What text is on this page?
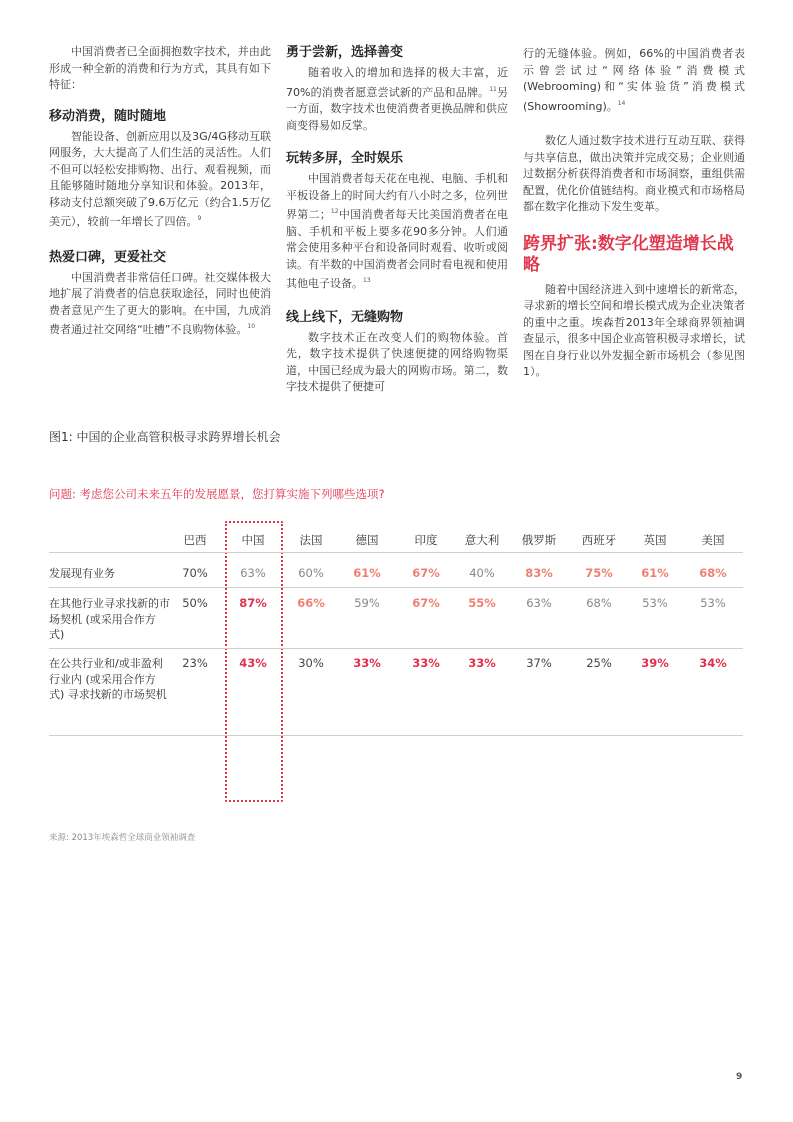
中国消费者已全面拥抱数字技术，并由此形成一种全新的消费和行为方式，其具有如下特征：

移动消费，随时随地

智能设备、创新应用以及3G/4G移动互联网服务，大大提高了人们生活的灵活性。人们不但可以轻松安排购物、出行、观看视频，而且能够随时随地分享知识和体验。2013年，移动支付总额突破了9.6万亿元（约合1.5万亿美元），较前一年增长了四倍。$^9$

热爱口碑，更爱社交

中国消费者非常信任口碑。社交媒体极大地扩展了消费者的信息获取途径，同时也使消费者意见产生了更大的影响。在中国，九成消费者通过社交网络“吐槽”不良购物体验。$^{10}$

勇于尝新，选择善变

随着收入的增加和选择的极大丰富，近70%的消费者愿意尝试新的产品和品牌。$^{11}$另一方面，数字技术也使消费者更换品牌和供应商变得易如反掌。

玩转多屏，全时娱乐

中国消费者每天花在电视、电脑、手机和平板设备上的时间大约有八小时之多，位列世界第二；$^{12}$中国消费者每天比美国消费者在电脑、手机和平板上要多花90多分钟。人们通常会使用多种平台和设备同时观看、收听或阅读。有半数的中国消费者会同时看电视和使用其他电子设备。$^{13}$

线上线下，无缝购物

数字技术正在改变人们的购物体验。首先，数字技术提供了快速便捷的网络购物渠道，中国已经成为最大的网购市场。第二，数字技术提供了便捷可

行的无缝体验。例如，66%的中国消费者表示曾尝试过“网络体验”消费模式(Webrooming)和“实体验货”消费模式(Showrooming)。$^{14}$

数亿人通过数字技术进行互动互联、获得与共享信息，做出决策并完成交易；企业则通过数据分析获得消费者和市场洞察，重组供需配置，优化价值链结构。商业模式和市场格局都在数字化推动下发生变革。

跨界扩张:数字化塑造增长战略

随着中国经济进入到中速增长的新常态，寻求新的增长空间和增长模式成为企业决策者的重中之重。埃森哲2013年全球商界领袖调查显示，很多中国企业高管积极寻求增长，试图在自身行业以外发掘全新市场机会（参见图1）。

图1: 中国的企业高管积极寻求跨界增长机会
问题: 考虑您公司未来五年的发展愿景，您打算实施下列哪些选项?
巴西	中国	法国	德国	印度	意大利	俄罗斯	西班牙	英国	美国
发展现有业务	70%	63%	60%	61%	67%	40%	83%	75%	61%	68%
在其他行业寻求找新的市场契机 (或采用合作方式)
50%	87%	66%	59%	67%	55%	63%	68%	53%	53%
在公共行业和/或非盈利行业内 (或采用合作方式) 寻求找新的市场契机
23%	43%	30%	33%	33%	33%	37%	25%	39%	34%
来源: 2013年埃森哲全球商业领袖调查
9
